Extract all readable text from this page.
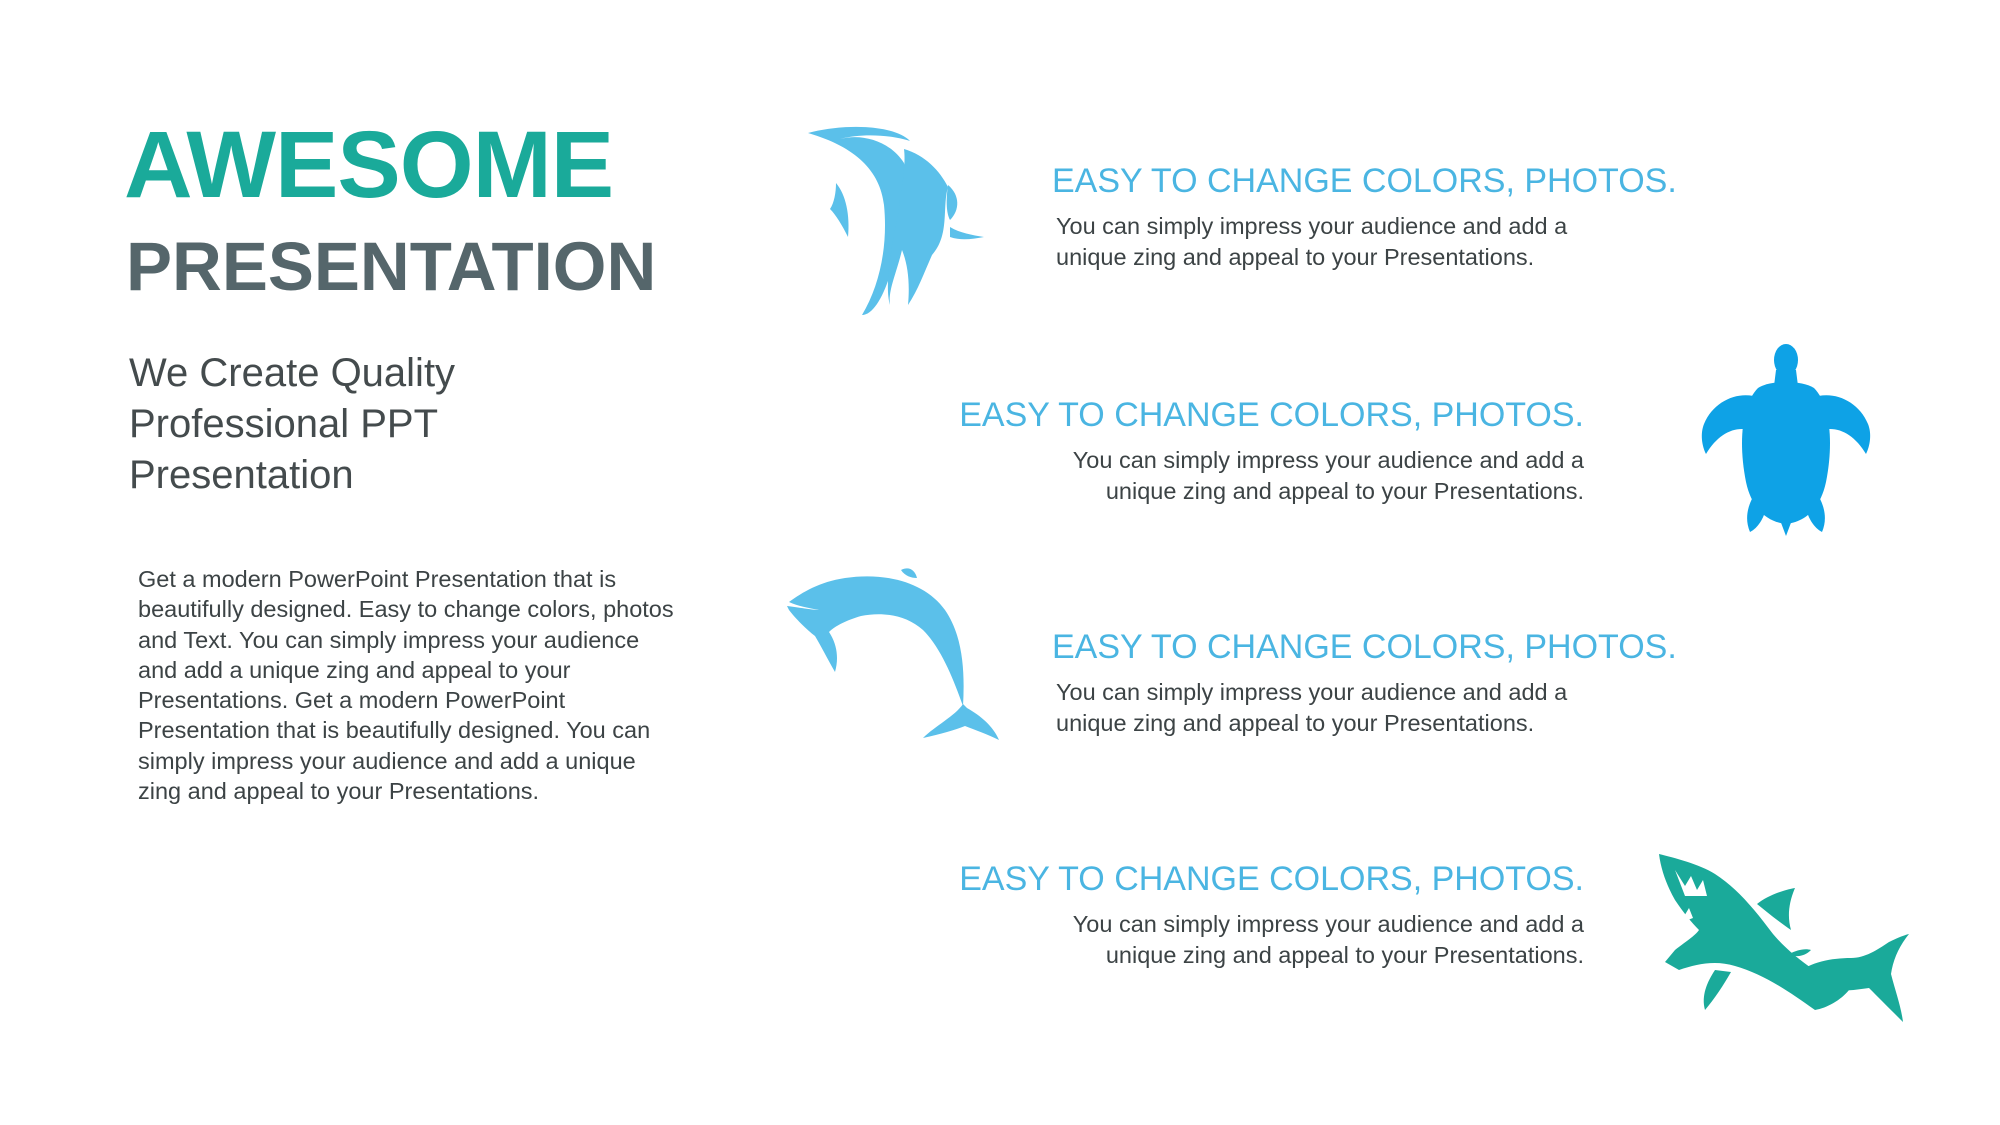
AWESOME
PRESENTATION
We Create Quality Professional PPT Presentation
Get a modern PowerPoint Presentation that is beautifully designed. Easy to change colors, photos and Text. You can simply impress your audience and add a unique zing and appeal to your Presentations. Get a modern PowerPoint Presentation that is beautifully designed. You can simply impress your audience and add a unique zing and appeal to your Presentations.
EASY TO CHANGE COLORS, PHOTOS.
You can simply impress your audience and add a
unique zing and appeal to your Presentations.
EASY TO CHANGE COLORS, PHOTOS.
You can simply impress your audience and add a
unique zing and appeal to your Presentations.
EASY TO CHANGE COLORS, PHOTOS.
You can simply impress your audience and add a
unique zing and appeal to your Presentations.
EASY TO CHANGE COLORS, PHOTOS.
You can simply impress your audience and add a
unique zing and appeal to your Presentations.
